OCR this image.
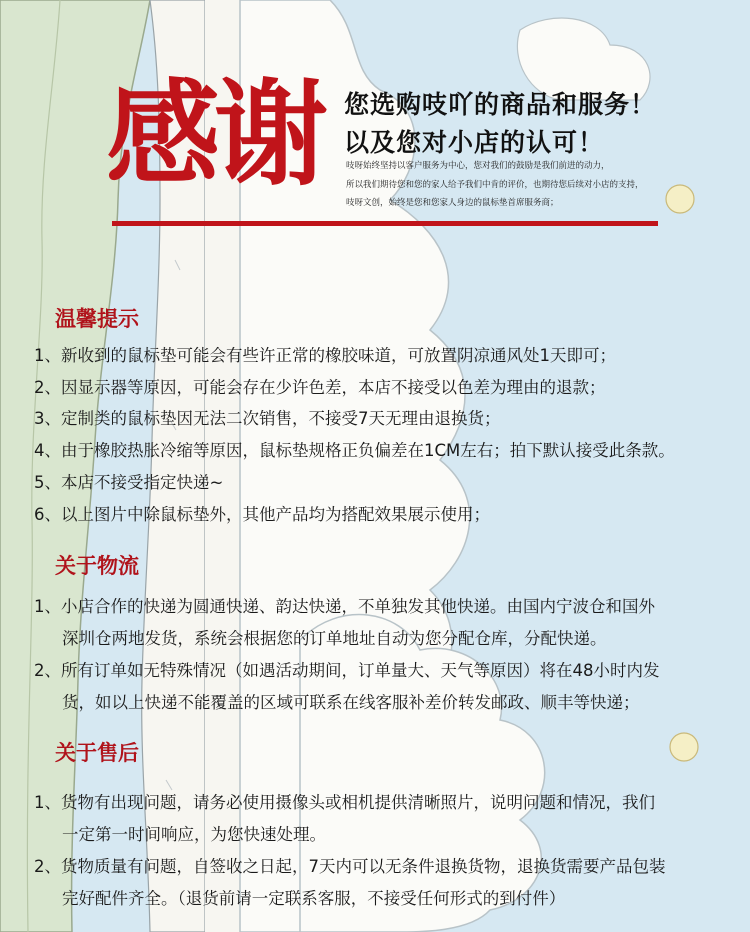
感谢 您选购吱吖的商品和服务！
以及您对小店的认可！
吱呀始终坚持以客户服务为中心，您对我们的鼓励是我们前进的动力，
所以我们期待您和您的家人给予我们中肯的评价，也期待您后续对小店的支持，
吱呀文创，始终是您和您家人身边的鼠标垫首席服务商；
温馨提示
1、新收到的鼠标垫可能会有些许正常的橡胶味道，可放置阴凉通风处1天即可；
2、因显示器等原因，可能会存在少许色差，本店不接受以色差为理由的退款；
3、定制类的鼠标垫因无法二次销售，不接受7天无理由退换货；
4、由于橡胶热胀冷缩等原因，鼠标垫规格正负偏差在1CM左右；拍下默认接受此条款。
5、本店不接受指定快递~
6、以上图片中除鼠标垫外，其他产品均为搭配效果展示使用；
关于物流
1、小店合作的快递为圆通快递、韵达快递，不单独发其他快递。由国内宁波仓和国外
深圳仓两地发货，系统会根据您的订单地址自动为您分配仓库，分配快递。
2、所有订单如无特殊情况（如遇活动期间，订单量大、天气等原因）将在48小时内发
货，如以上快递不能覆盖的区域可联系在线客服补差价转发邮政、顺丰等快递；
关于售后
1、货物有出现问题，请务必使用摄像头或相机提供清晰照片，说明问题和情况，我们
一定第一时间响应，为您快速处理。
2、货物质量有问题，自签收之日起，7天内可以无条件退换货物，退换货需要产品包装
完好配件齐全。（退货前请一定联系客服，不接受任何形式的到付件）
